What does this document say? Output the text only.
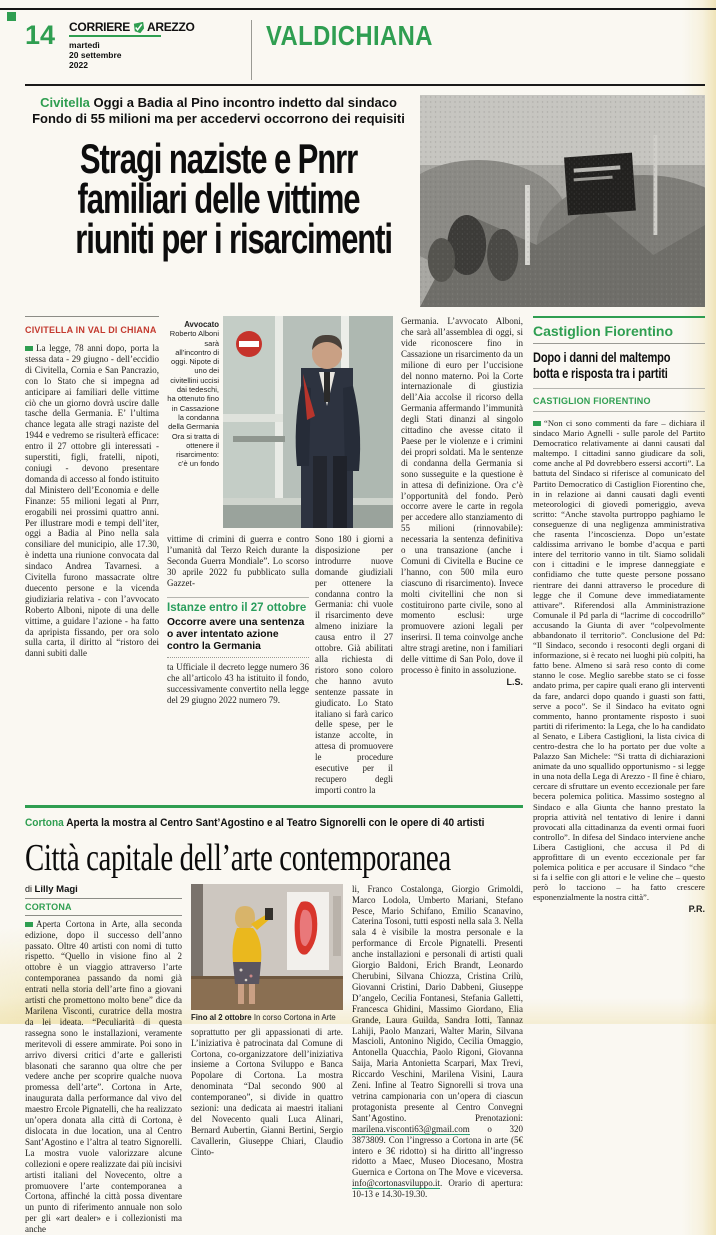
14 CORRIERE AREZZO
martedì
20 settembre
2022
VALDICHIANA
Civitella Oggi a Badia al Pino incontro indetto dal sindaco
Fondo di 55 milioni ma per accedervi occorrono dei requisiti
Stragi naziste e Pnrr
familiari delle vittime
riuniti per i risarcimenti
CIVITELLA IN VAL DI CHIANA

La legge, 78 anni dopo, porta la stessa data - 29 giugno - dell’eccidio di Civitella, Cornia e San Pancrazio, con lo Stato che si impegna ad anticipare ai familiari delle vittime ciò che un giorno dovrà uscire dalle tasche della Germania. E’ l’ultima chance legata alle stragi naziste del 1944 e vedremo se risulterà efficace: entro il 27 ottobre gli interessati - superstiti, figli, fratelli, nipoti, coniugi - devono presentare domanda di accesso al fondo istituito dal Ministero dell’Economia e delle Finanze: 55 milioni legati al Pnrr, erogabili nei prossimi quattro anni. Per illustrare modi e tempi dell’iter, oggi a Badia al Pino nella sala consiliare del municipio, alle 17.30, è indetta una riunione convocata dal sindaco Andrea Tavarnesi. a Civitella furono massacrate oltre duecento persone e la vicenda giudiziaria relativa - con l’avvocato Roberto Alboni, nipote di una delle vittime, a guidare l’azione - ha fatto da apripista fissando, per ora solo sulla carta, il diritto al “ristoro dei danni subiti dalle

Avvocato Roberto Alboni sarà all’incontro di oggi. Nipote di uno dei civitellini uccisi dai tedeschi, ha ottenuto fino in Cassazione la condanna della Germania Ora si tratta di ottenere il risarcimento: c’è un fondo

vittime di crimini di guerra e contro l’umanità dal Terzo Reich durante la Seconda Guerra Mondiale”. Lo scorso 30 aprile 2022 fu pubblicato sulla Gazzet-

Istanze entro il 27 ottobre
Occorre avere una sentenza o aver intentato azione contro la Germania

ta Ufficiale il decreto legge numero 36 che all’articolo 43 ha istituito il fondo, successivamente convertito nella legge del 29 giugno 2022 numero 79.

Sono 180 i giorni a disposizione per introdurre nuove domande giudiziali per ottenere la condanna contro la Germania: chi vuole il risarcimento deve almeno iniziare la causa entro il 27 ottobre. Già abilitati alla richiesta di ristoro sono coloro che hanno avuto sentenze passate in giudicato. Lo Stato italiano si farà carico delle spese, per le istanze accolte, in attesa di promuovere le procedure esecutive per il recupero degli importi contro la

Germania. L’avvocato Alboni, che sarà all’assemblea di oggi, si vide riconoscere fino in Cassazione un risarcimento da un milione di euro per l’uccisione del nonno materno. Poi la Corte internazionale di giustizia dell’Aia accolse il ricorso della Germania affermando l’immunità degli Stati dinanzi al singolo cittadino che avesse citato il Paese per le violenze e i crimini dei propri soldati. Ma le sentenze di condanna della Germania si sono susseguite e la questione è in attesa di definizione. Ora c’è l’opportunità del fondo. Però occorre avere le carte in regola per accedere allo stanziamento di 55 milioni (rinnovabile): necessaria la sentenza definitiva o una transazione (anche i Comuni di Civitella e Bucine ce l’hanno, con 500 mila euro ciascuno di risarcimento). Invece molti civitellini che non si costituirono parte civile, sono al momento esclusi: urge promuovere azioni legali per inserirsi. Il tema coinvolge anche altre stragi aretine, non i familiari delle vittime di San Polo, dove il processo è finito in assoluzione.

L.S.
Cortona Aperta la mostra al Centro Sant’Agostino e al Teatro Signorelli con le opere di 40 artisti
Città capitale dell’arte contemporanea
di Lilly Magi
CORTONA

Aperta Cortona in Arte, alla seconda edizione, dopo il successo dell’anno passato. Oltre 40 artisti con nomi di tutto rispetto. “Quello in visione fino al 2 ottobre è un viaggio attraverso l’arte contemporanea passando da nomi già entrati nella storia dell’arte fino a giovani artisti che promettono molto bene” dice da Marilena Visconti, curatrice della mostra da lei ideata. “Peculiarità di questa rassegna sono le installazioni, veramente meritevoli di essere ammirate. Poi sono in arrivo diversi critici d’arte e galleristi blasonati che saranno qua oltre che per vedere anche per scoprire qualche nuova promessa dell’arte”. Cortona in Arte, inaugurata dalla performance dal vivo del maestro Ercole Pignatelli, che ha realizzato un’opera donata alla città di Cortona, è dislocata in due location, una al Centro Sant’Agostino e l’altra al teatro Signorelli. La mostra vuole valorizzare alcune collezioni e opere realizzate dai più incisivi artisti italiani del Novecento, oltre a promuovere l’arte contemporanea a Cortona, affinché la città possa diventare un punto di riferimento annuale non solo per gli «art dealer» e i collezionisti ma anche

Fino al 2 ottobre In corso Cortona in Arte

soprattutto per gli appassionati di arte. L’iniziativa è patrocinata dal Comune di Cortona, co-organizzatore dell’iniziativa insieme a Cortona Sviluppo e Banca Popolare di Cortona. La mostra denominata “Dal secondo 900 al contemporaneo”, si divide in quattro sezioni: una dedicata ai maestri italiani del Novecento quali Luca Alinari, Bernard Aubertin, Gianni Bertini, Sergio Cavallerin, Giuseppe Chiari, Claudio Cinto-

li, Franco Costalonga, Giorgio Grimoldi, Marco Lodola, Umberto Mariani, Stefano Pesce, Mario Schifano, Emilio Scanavino, Caterina Tosoni, tutti esposti nella sala 3. Nella sala 4 è visibile la mostra personale e la performance di Ercole Pignatelli. Presenti anche installazioni e personali di artisti quali Giorgio Baldoni, Erich Brandt, Leonardo Cherubini, Silvana Chiozza, Cristina Crilù, Giovanni Cristini, Dario Dabbeni, Giuseppe D’angelo, Cecilia Fontanesi, Stefania Galletti, Francesca Ghidini, Massimo Giordano, Elia Grande, Laura Guilda, Sandra Iotti, Tannaz Lahiji, Paolo Manzari, Walter Marin, Silvana Mascioli, Antonino Nigido, Cecilia Omaggio, Antonella Quacchia, Paolo Rigoni, Giovanna Saija, Maria Antonietta Scarpari, Max Trevi, Riccardo Veschini, Marilena Visini, Laura Zeni. Infine al Teatro Signorelli si trova una vetrina campionaria con un’opera di ciascun protagonista presente al Centro Convegni Sant’Agostino. Prenotazioni: marilena.visconti63@gmail.com o 320 3873809. Con l’ingresso a Cortona in arte (5€ intero e 3€ ridotto) si ha diritto all’ingresso ridotto a Maec, Museo Diocesano, Mostra Guernica e Cortona on The Move e viceversa. info@cortonasviluppo.it. Orario di apertura: 10-13 e 14.30-19.30.

Castiglion Fiorentino
Dopo i danni del maltempo
botta e risposta tra i partiti
CASTIGLION FIORENTINO

“Non ci sono commenti da fare – dichiara il sindaco Mario Agnelli - sulle parole del Partito Democratico relativamente ai danni causati dal maltempo. I cittadini sanno giudicare da soli, come anche al Pd dovrebbero essersi accorti”. La battuta del Sindaco si riferisce al comunicato del Partito Democratico di Castiglion Fiorentino che, in in relazione ai danni causati dagli eventi meteorologici di giovedì pomeriggio, aveva scritto: “Anche stavolta purtroppo paghiamo le conseguenze di una negligenza amministrativa che rasenta l’incoscienza. Dopo un’estate caldissima arrivano le bombe d’acqua e parti intere del territorio vanno in tilt. Siamo solidali con i cittadini e le imprese danneggiate e confidiamo che tutte queste persone possano rientrare dei danni attraverso le procedure di legge che il Comune deve immediatamente attivare”. Riferendosi alla Amministrazione Comunale il Pd parla di “lacrime di coccodrillo” accusando la Giunta di aver “colpevolmente abbandonato il territorio”. Conclusione del Pd: “Il Sindaco, secondo i resoconti degli organi di informazione, si è recato nei luoghi più colpiti, ha fatto bene. Almeno si sarà reso conto di come stanno le cose. Meglio sarebbe stato se ci fosse andato prima, per capire quali erano gli interventi da fare, andarci dopo quando i guasti son fatti, serve a poco”. Se il Sindaco ha evitato ogni commento, hanno prontamente risposto i suoi partiti di riferimento: la Lega, che lo ha candidato al Senato, e Libera Castiglioni, la lista civica di centro-destra che lo ha portato per due volte a Palazzo San Michele: “Si tratta di dichiarazioni animate da uno squallido opportunismo - si legge in una nota della Lega di Arezzo - Il fine è chiaro, cercare di sfruttare un evento eccezionale per fare becera polemica politica. Massimo sostegno al Sindaco e alla Giunta che hanno prestato la propria attività nel tentativo di lenire i danni provocati alla cittadinanza da eventi ormai fuori controllo”. In difesa del Sindaco interviene anche Libera Castiglioni, che accusa il Pd di approfittare di un evento eccezionale per far polemica politica e per accusare il Sindaco “che si fa i selfie con gli attori e le veline che – questo però lo tacciono – ha fatto crescere esponenzialmente la nostra città”.

P.R.
